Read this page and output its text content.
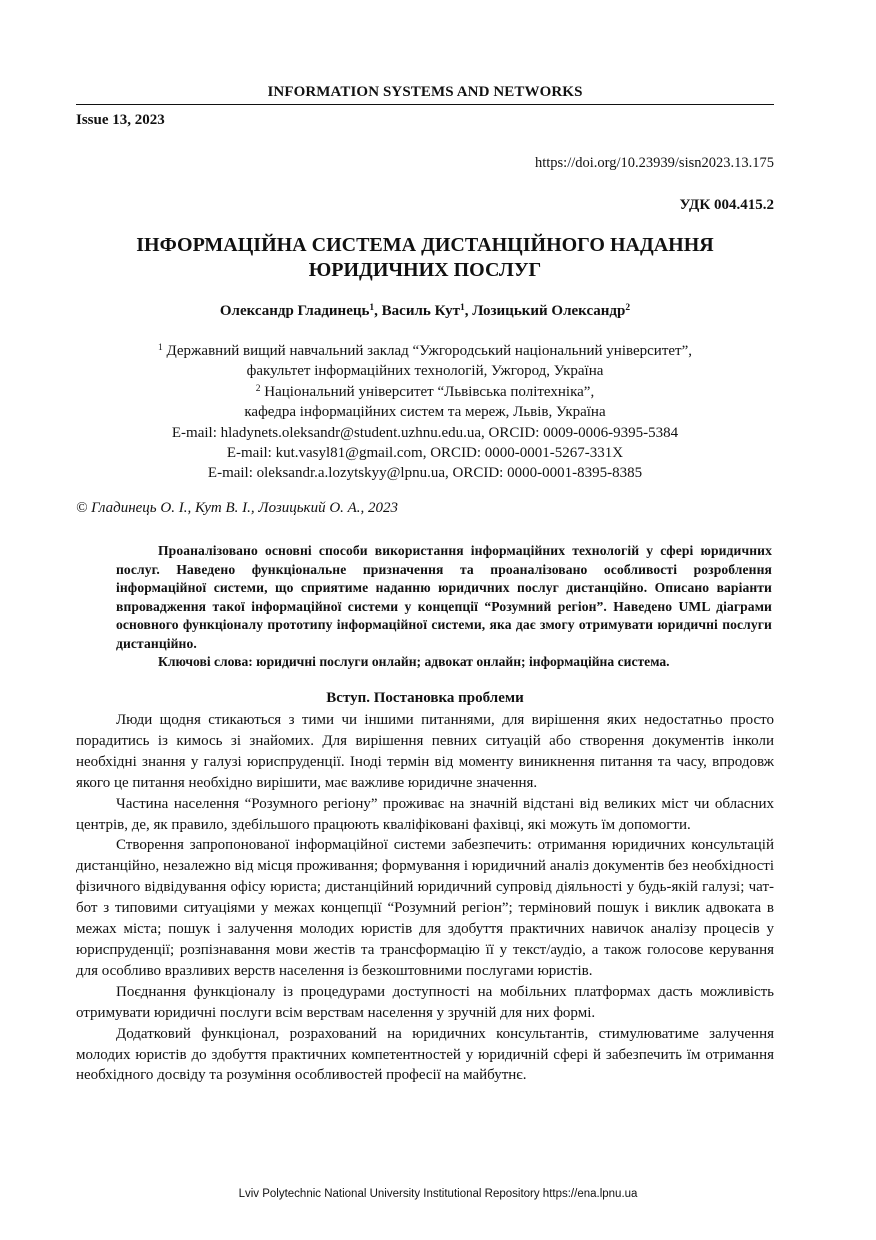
INFORMATION SYSTEMS AND NETWORKS
Issue 13, 2023
https://doi.org/10.23939/sisn2023.13.175
УДК 004.415.2
ІНФОРМАЦІЙНА СИСТЕМА ДИСТАНЦІЙНОГО НАДАННЯ
ЮРИДИЧНИХ ПОСЛУГ
Олександр Гладинець$^1$, Василь Кут$^1$, Лозицький Олександр$^2$
$^1$ Державний вищий навчальний заклад “Ужгородський національний університет”,
факультет інформаційних технологій, Ужгород, Україна
$^2$ Національний університет “Львівська політехніка”,
кафедра інформаційних систем та мереж, Львів, Україна
E-mail: hladynets.oleksandr@student.uzhnu.edu.ua, ORCID: 0009-0006-9395-5384
E-mail: kut.vasyl81@gmail.com, ORCID: 0000-0001-5267-331X
E-mail: oleksandr.a.lozytskyy@lpnu.ua, ORCID: 0000-0001-8395-8385
© Гладинець О. І., Кут В. І., Лозицький О. А., 2023

Проаналізовано основні способи використання інформаційних технологій у сфері юридичних послуг. Наведено функціональне призначення та проаналізовано особливості розроблення інформаційної системи, що сприятиме наданню юридичних послуг дистанційно. Описано варіанти впровадження такої інформаційної системи у концепції “Розумний регіон”. Наведено UML діаграми основного функціоналу прототипу інформаційної системи, яка дає змогу отримувати юридичні послуги дистанційно.

Ключові слова: юридичні послуги онлайн; адвокат онлайн; інформаційна система.
Вступ. Постановка проблеми

Люди щодня стикаються з тими чи іншими питаннями, для вирішення яких недостатньо просто порадитись із кимось зі знайомих. Для вирішення певних ситуацій або створення документів інколи необхідні знання у галузі юриспруденції. Іноді термін від моменту виникнення питання та часу, впродовж якого це питання необхідно вирішити, має важливе юридичне значення.

Частина населення “Розумного регіону” проживає на значній відстані від великих міст чи обласних центрів, де, як правило, здебільшого працюють кваліфіковані фахівці, які можуть їм допомогти.

Створення запропонованої інформаційної системи забезпечить: отримання юридичних консультацій дистанційно, незалежно від місця проживання; формування і юридичний аналіз документів без необхідності фізичного відвідування офісу юриста; дистанційний юридичний супровід діяльності у будь-якій галузі; чат-бот з типовими ситуаціями у межах концепції “Розумний регіон”; терміновий пошук і виклик адвоката в межах міста; пошук і залучення молодих юристів для здобуття практичних навичок аналізу процесів у юриспруденції; розпізнавання мови жестів та трансформацію її у текст/аудіо, а також голосове керування для особливо вразливих верств населення із безкоштовними послугами юристів.

Поєднання функціоналу із процедурами доступності на мобільних платформах дасть можливість отримувати юридичні послуги всім верствам населення у зручній для них формі.

Додатковий функціонал, розрахований на юридичних консультантів, стимулюватиме залучення молодих юристів до здобуття практичних компетентностей у юридичній сфері й забезпечить їм отримання необхідного досвіду та розуміння особливостей професії на майбутнє.

Lviv Polytechnic National University Institutional Repository https://ena.lpnu.ua
